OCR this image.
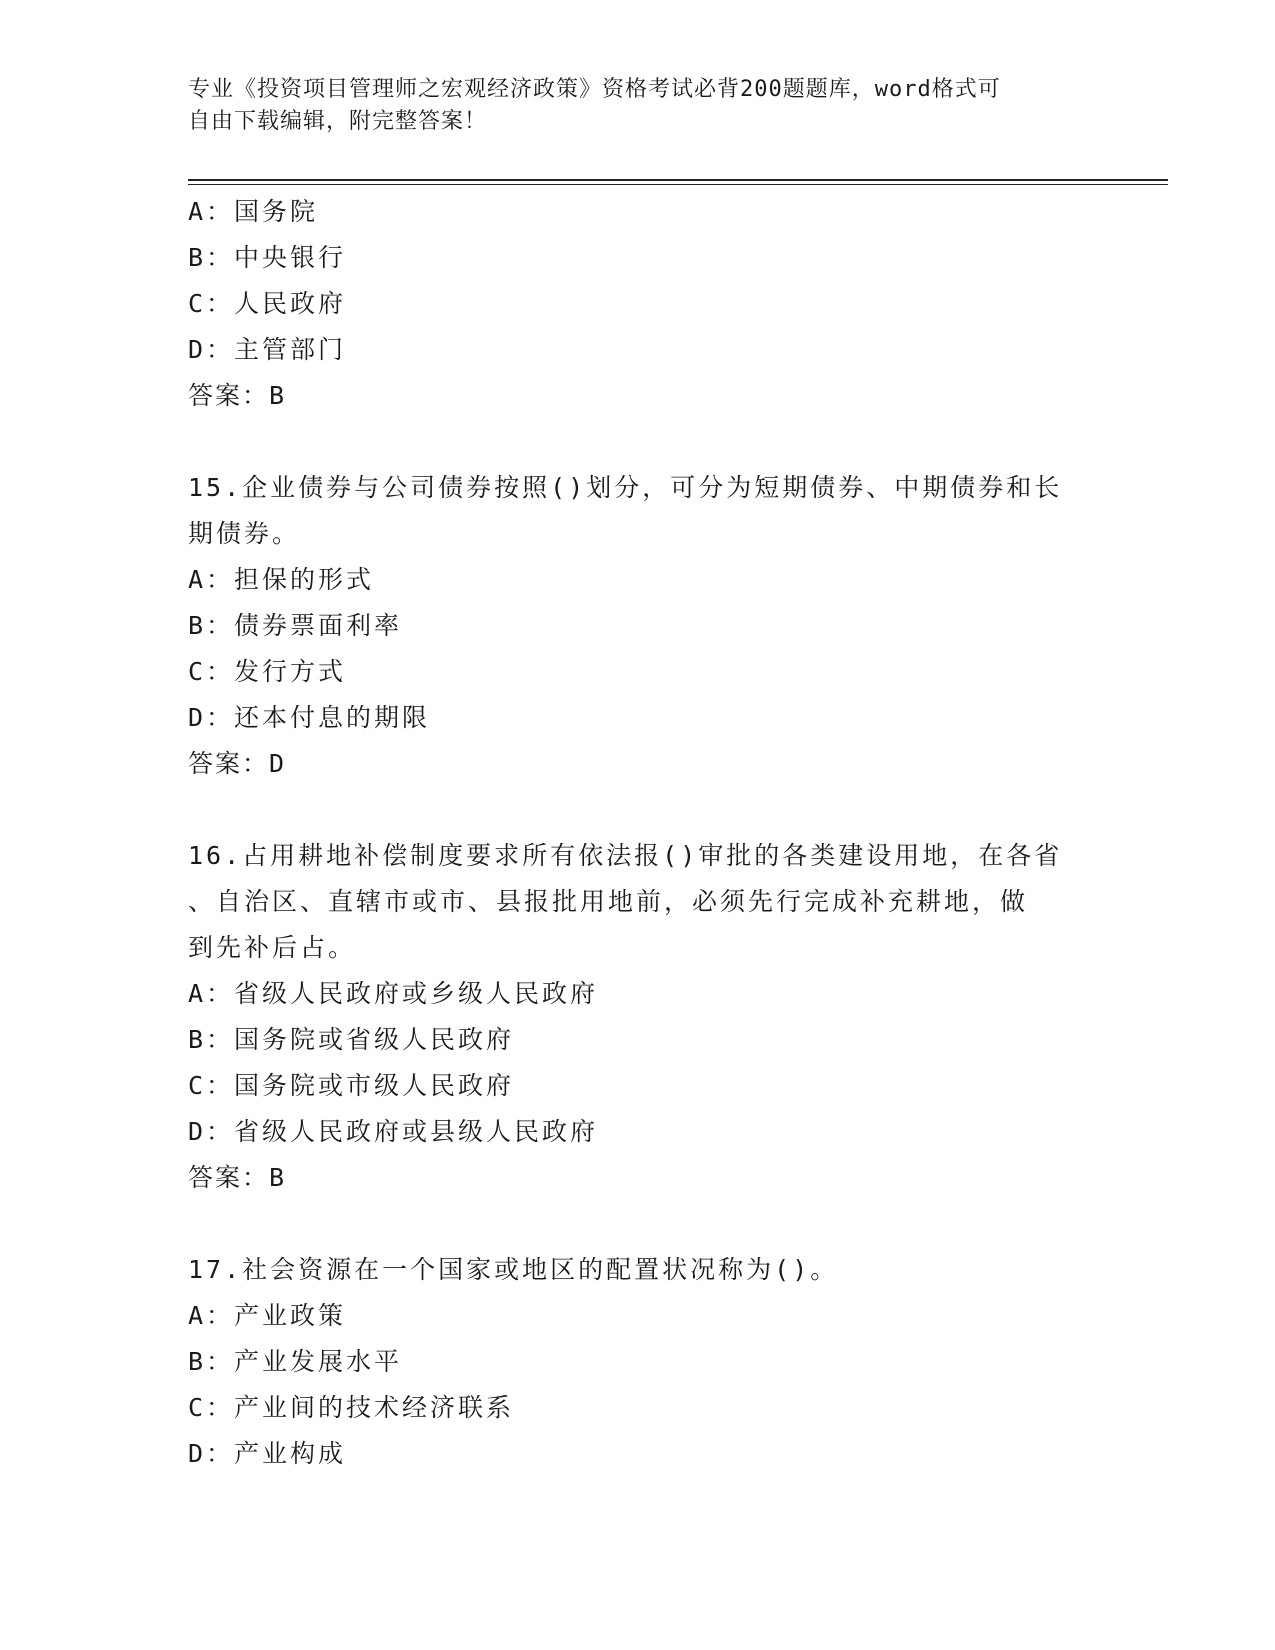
专业《投资项目管理师之宏观经济政策》资格考试必背200题题库，word格式可
自由下载编辑，附完整答案！
A：国务院
B：中央银行
C：人民政府
D：主管部门
答案：B
15.企业债券与公司债券按照()划分，可分为短期债券、中期债券和长
期债券。
A：担保的形式
B：债券票面利率
C：发行方式
D：还本付息的期限
答案：D
16.占用耕地补偿制度要求所有依法报()审批的各类建设用地，在各省
、自治区、直辖市或市、县报批用地前，必须先行完成补充耕地，做
到先补后占。
A：省级人民政府或乡级人民政府
B：国务院或省级人民政府
C：国务院或市级人民政府
D：省级人民政府或县级人民政府
答案：B
17.社会资源在一个国家或地区的配置状况称为()。
A：产业政策
B：产业发展水平
C：产业间的技术经济联系
D：产业构成
